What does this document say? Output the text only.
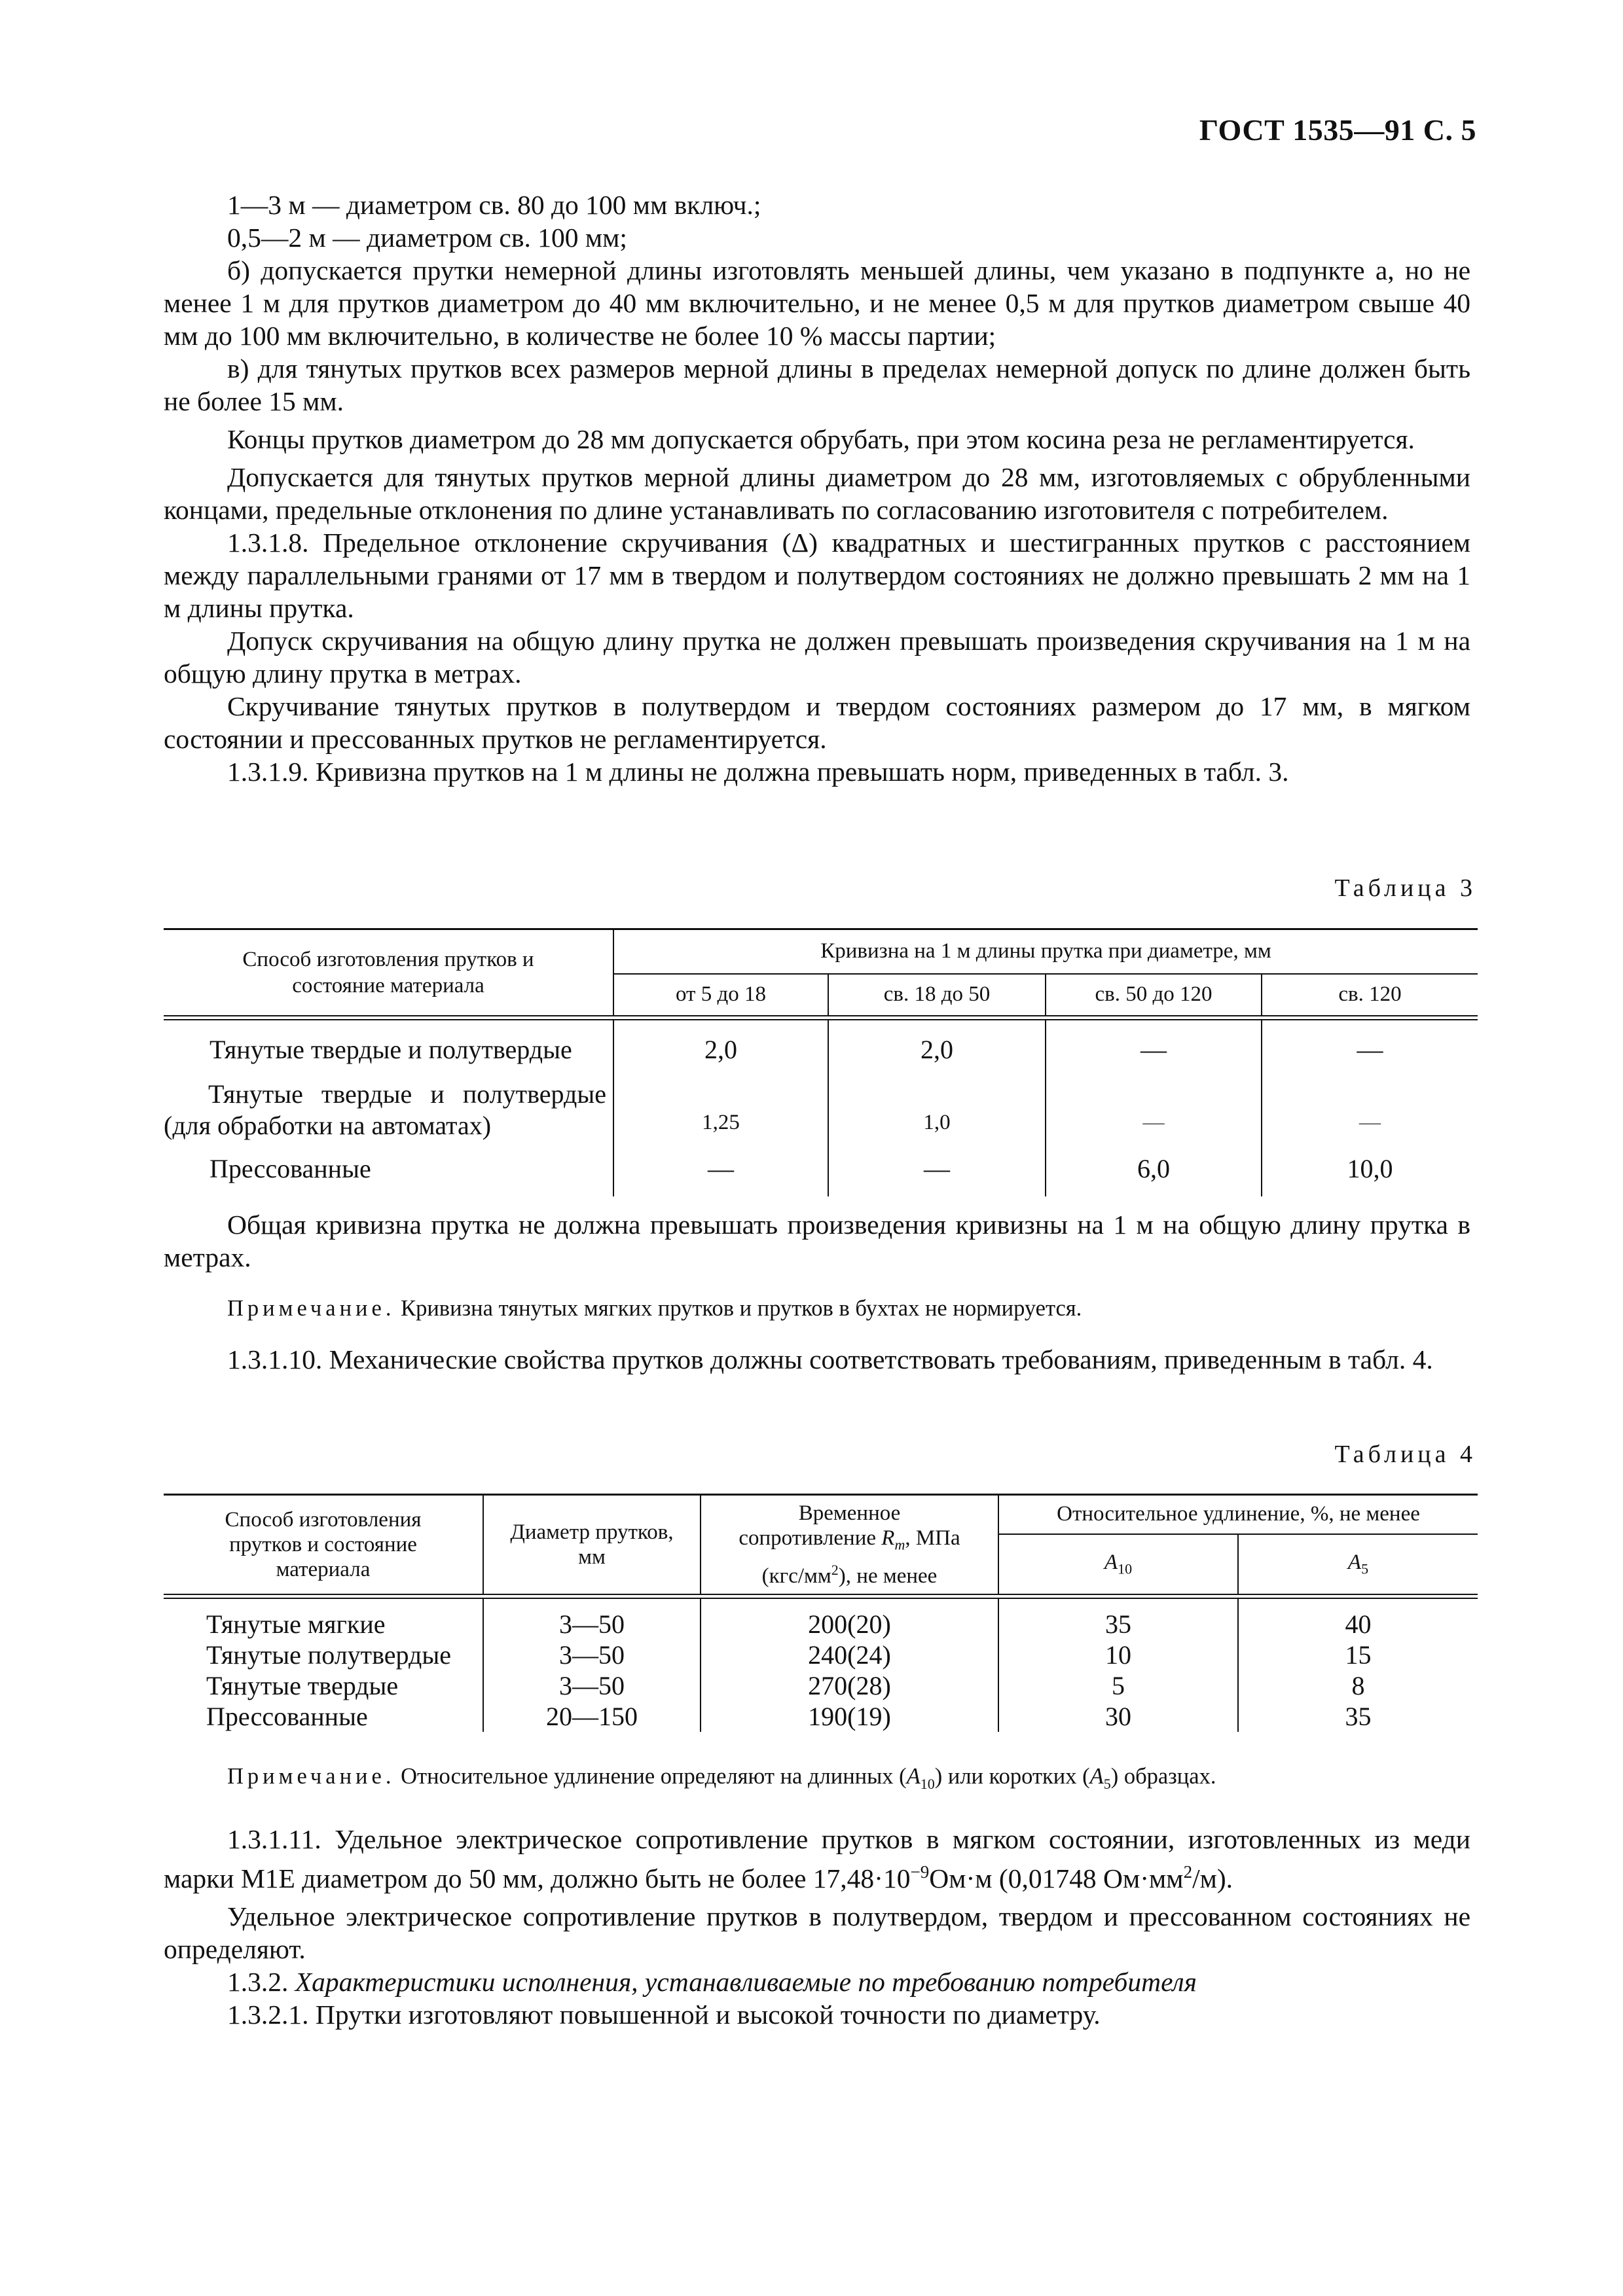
ГОСТ 1535—91 С. 5
1—3 м — диаметром св. 80 до 100 мм включ.;
0,5—2 м — диаметром св. 100 мм;
б) допускается прутки немерной длины изготовлять меньшей длины, чем указано в подпункте а, но не менее 1 м для прутков диаметром до 40 мм включительно, и не менее 0,5 м для прутков диаметром свыше 40 мм до 100 мм включительно, в количестве не более 10 % массы партии;
в) для тянутых прутков всех размеров мерной длины в пределах немерной допуск по длине должен быть не более 15 мм.
Концы прутков диаметром до 28 мм допускается обрубать, при этом косина реза не регламентируется.
Допускается для тянутых прутков мерной длины диаметром до 28 мм, изготовляемых с обрубленными концами, предельные отклонения по длине устанавливать по согласованию изготовителя с потребителем.
1.3.1.8. Предельное отклонение скручивания (Δ) квадратных и шестигранных прутков с расстоянием между параллельными гранями от 17 мм в твердом и полутвердом состояниях не должно превышать 2 мм на 1 м длины прутка.
Допуск скручивания на общую длину прутка не должен превышать произведения скручивания на 1 м на общую длину прутка в метрах.
Скручивание тянутых прутков в полутвердом и твердом состояниях размером до 17 мм, в мягком состоянии и прессованных прутков не регламентируется.
1.3.1.9. Кривизна прутков на 1 м длины не должна превышать норм, приведенных в табл. 3.
Таблица 3
Способ изготовления прутков и состояние материала	Кривизна на 1 м длины прутка при диаметре, мм			
	от 5 до 18	св. 18 до 50	св. 50 до 120	св. 120

Тянутые твердые и полутвердые	2,0	2,0	—	—

Тянутые твердые и полутвердые
(для обработки на автоматах)	1,25	1,0	—	—
Прессованные	—	—	6,0	10,0
Общая кривизна прутка не должна превышать произведения кривизны на 1 м на общую длину прутка в метрах.
Примечание. Кривизна тянутых мягких прутков и прутков в бухтах не нормируется.
1.3.1.10. Механические свойства прутков должны соответствовать требованиям, приведенным в табл. 4.
Таблица 4
Способ изготовления прутков и состояние материала	Диаметр прутков, мм	Временное
сопротивление $R_m$, МПа
$(кгс/мм^2)$, не менее	Относительное удлинение, %, не менее	
			$A_{10}$	$A_5$

Тянутые мягкие	3—50	200(20)	35	40
Тянутые полутвердые	3—50	240(24)	10	15
Тянутые твердые	3—50	270(28)	5	8
Прессованные	20—150	190(19)	30	35
Примечание. Относительное удлинение определяют на длинных $(A_{10})$ или коротких $(A_5)$ образцах.
1.3.1.11. Удельное электрическое сопротивление прутков в мягком состоянии, изготовленных из меди марки М1Е диаметром до 50 мм, должно быть не более $17,48\cdot 10^{-9}Ом\cdot м$ (0,01748 $Ом\cdot мм^2/м$).
Удельное электрическое сопротивление прутков в полутвердом, твердом и прессованном состояниях не определяют.
1.3.2. Характеристики исполнения, устанавливаемые по требованию потребителя
1.3.2.1. Прутки изготовляют повышенной и высокой точности по диаметру.
